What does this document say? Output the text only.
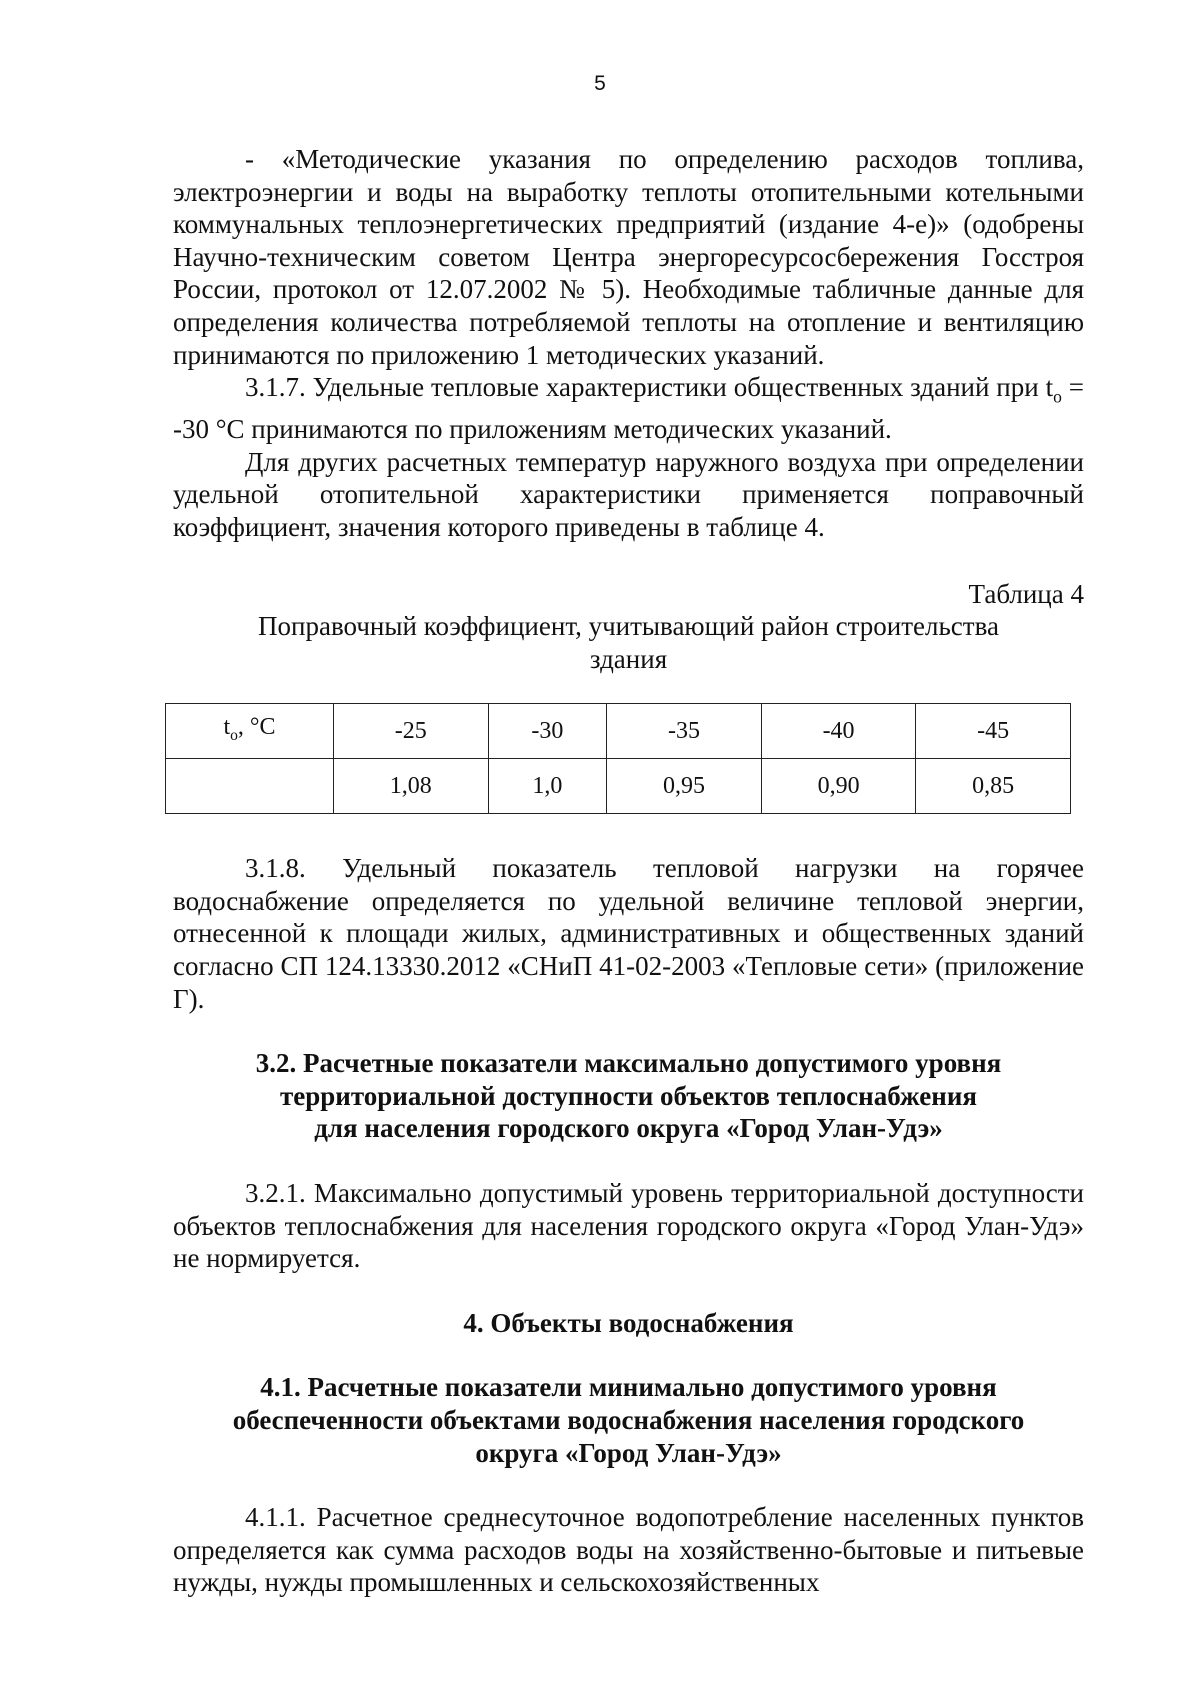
5

- «Методические указания по определению расходов топлива, электроэнергии и воды на выработку теплоты отопительными котельными коммунальных теплоэнергетических предприятий (издание 4-е)» (одобрены Научно-техническим советом Центра энергоресурсосбережения Госстроя России, протокол от 12.07.2002 № 5). Необходимые табличные данные для определения количества потребляемой теплоты на отопление и вентиляцию принимаются по приложению 1 методических указаний.

3.1.7. Удельные тепловые характеристики общественных зданий при $t_o = -30$ °C принимаются по приложениям методических указаний.

Для других расчетных температур наружного воздуха при определении удельной отопительной характеристики применяется поправочный коэффициент, значения которого приведены в таблице 4.

Таблица 4

Поправочный коэффициент, учитывающий район строительства здания

$t_o$, °C	-25	-30	-35	-40	-45
	1,08	1,0	0,95	0,90	0,85

3.1.8. Удельный показатель тепловой нагрузки на горячее водоснабжение определяется по удельной величине тепловой энергии, отнесенной к площади жилых, административных и общественных зданий согласно СП 124.13330.2012 «СНиП 41-02-2003 «Тепловые сети» (приложение Г).

3.2. Расчетные показатели максимально допустимого уровня
территориальной доступности объектов теплоснабжения
для населения городского округа «Город Улан-Удэ»

3.2.1. Максимально допустимый уровень территориальной доступности объектов теплоснабжения для населения городского округа «Город Улан-Удэ» не нормируется.

4. Объекты водоснабжения
4.1. Расчетные показатели минимально допустимого уровня
обеспеченности объектами водоснабжения населения городского
округа «Город Улан-Удэ»

4.1.1. Расчетное среднесуточное водопотребление населенных пунктов определяется как сумма расходов воды на хозяйственно-бытовые и питьевые нужды, нужды промышленных и сельскохозяйственных
